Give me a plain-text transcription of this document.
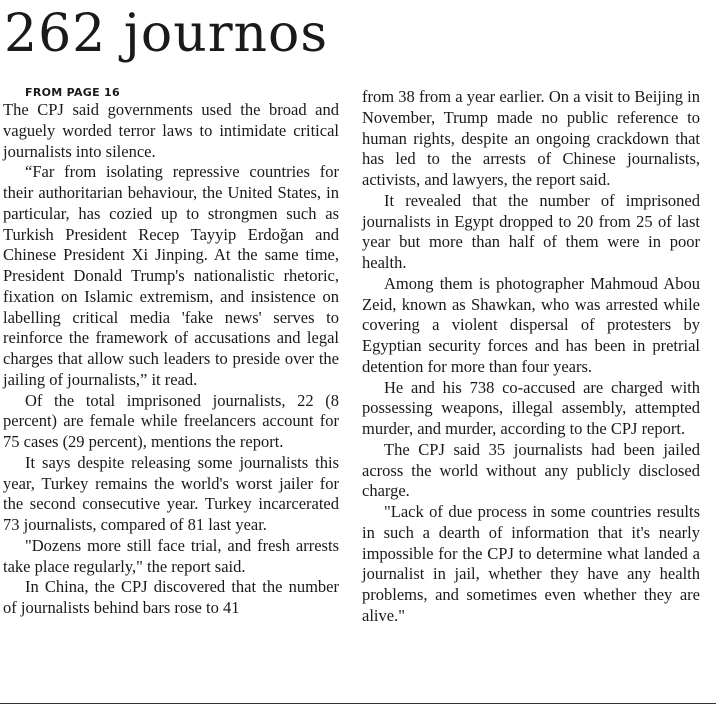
262 journos

FROM PAGE 16

The CPJ said governments used the broad and vaguely worded terror laws to intimidate critical journalists into silence.

“Far from isolating repressive countries for their authoritarian behaviour, the United States, in particular, has cozied up to strongmen such as Turkish President Recep Tayyip Erdoğan and Chinese President Xi Jinping. At the same time, President Donald Trump's nationalistic rhetoric, fixation on Islamic extremism, and insistence on labelling critical media 'fake news' serves to reinforce the framework of accusations and legal charges that allow such leaders to preside over the jailing of journalists,” it read.

Of the total imprisoned journalists, 22 (8 percent) are female while freelancers account for 75 cases (29 percent), mentions the report.

It says despite releasing some journalists this year, Turkey remains the world's worst jailer for the second consecutive year. Turkey incarcerated 73 journalists, compared of 81 last year.

"Dozens more still face trial, and fresh arrests take place regularly," the report said.

In China, the CPJ discovered that the number of journalists behind bars rose to 41

from 38 from a year earlier. On a visit to Beijing in November, Trump made no public reference to human rights, despite an ongoing crackdown that has led to the arrests of Chinese journalists, activists, and lawyers, the report said.

It revealed that the number of imprisoned journalists in Egypt dropped to 20 from 25 of last year but more than half of them were in poor health.

Among them is photographer Mahmoud Abou Zeid, known as Shawkan, who was arrested while covering a violent dispersal of protesters by Egyptian security forces and has been in pretrial detention for more than four years.

He and his 738 co-accused are charged with possessing weapons, illegal assembly, attempted murder, and murder, according to the CPJ report.

The CPJ said 35 journalists had been jailed across the world without any publicly disclosed charge.

"Lack of due process in some countries results in such a dearth of information that it's nearly impossible for the CPJ to determine what landed a journalist in jail, whether they have any health problems, and sometimes even whether they are alive."
